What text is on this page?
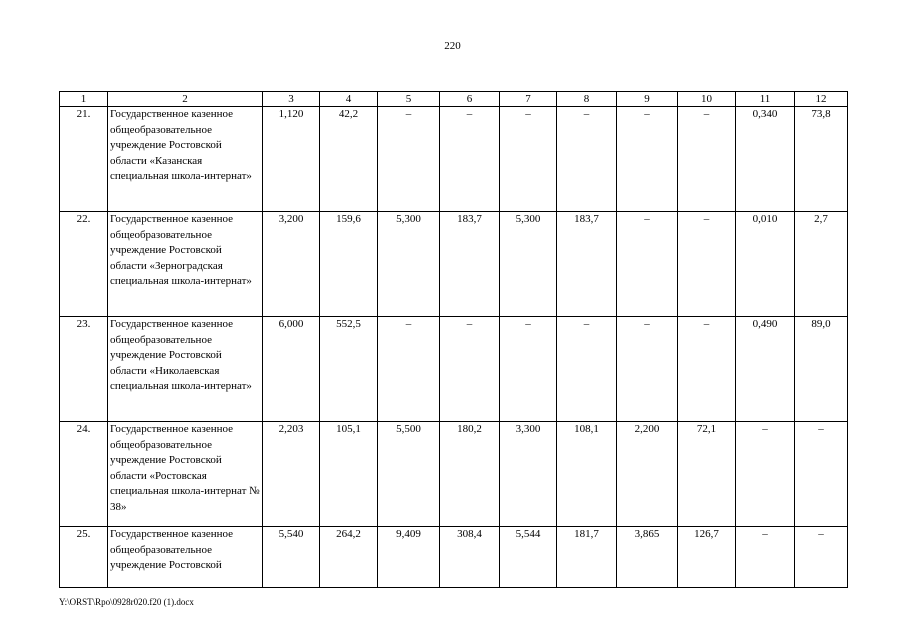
220
1	2	3	4	5	6	7	8	9	10	11	12
21.	Государственное казенное общеобразовательное учреждение Ростовской области «Казанская специальная школа-интернат»	1,120	42,2	–	–	–	–	–	–	0,340	73,8
22.	Государственное казенное общеобразовательное учреждение Ростовской области «Зерноградская специальная школа-интернат»	3,200	159,6	5,300	183,7	5,300	183,7	–	–	0,010	2,7
23.	Государственное казенное общеобразовательное учреждение Ростовской области «Николаевская специальная школа-интернат»	6,000	552,5	–	–	–	–	–	–	0,490	89,0
24.	Государственное казенное общеобразовательное учреждение Ростовской области «Ростовская специальная школа-интернат № 38»	2,203	105,1	5,500	180,2	3,300	108,1	2,200	72,1	–	–
25.	Государственное казенное общеобразовательное учреждение Ростовской	5,540	264,2	9,409	308,4	5,544	181,7	3,865	126,7	–	–
Y:\ORST\Rpo\0928r020.f20 (1).docx
